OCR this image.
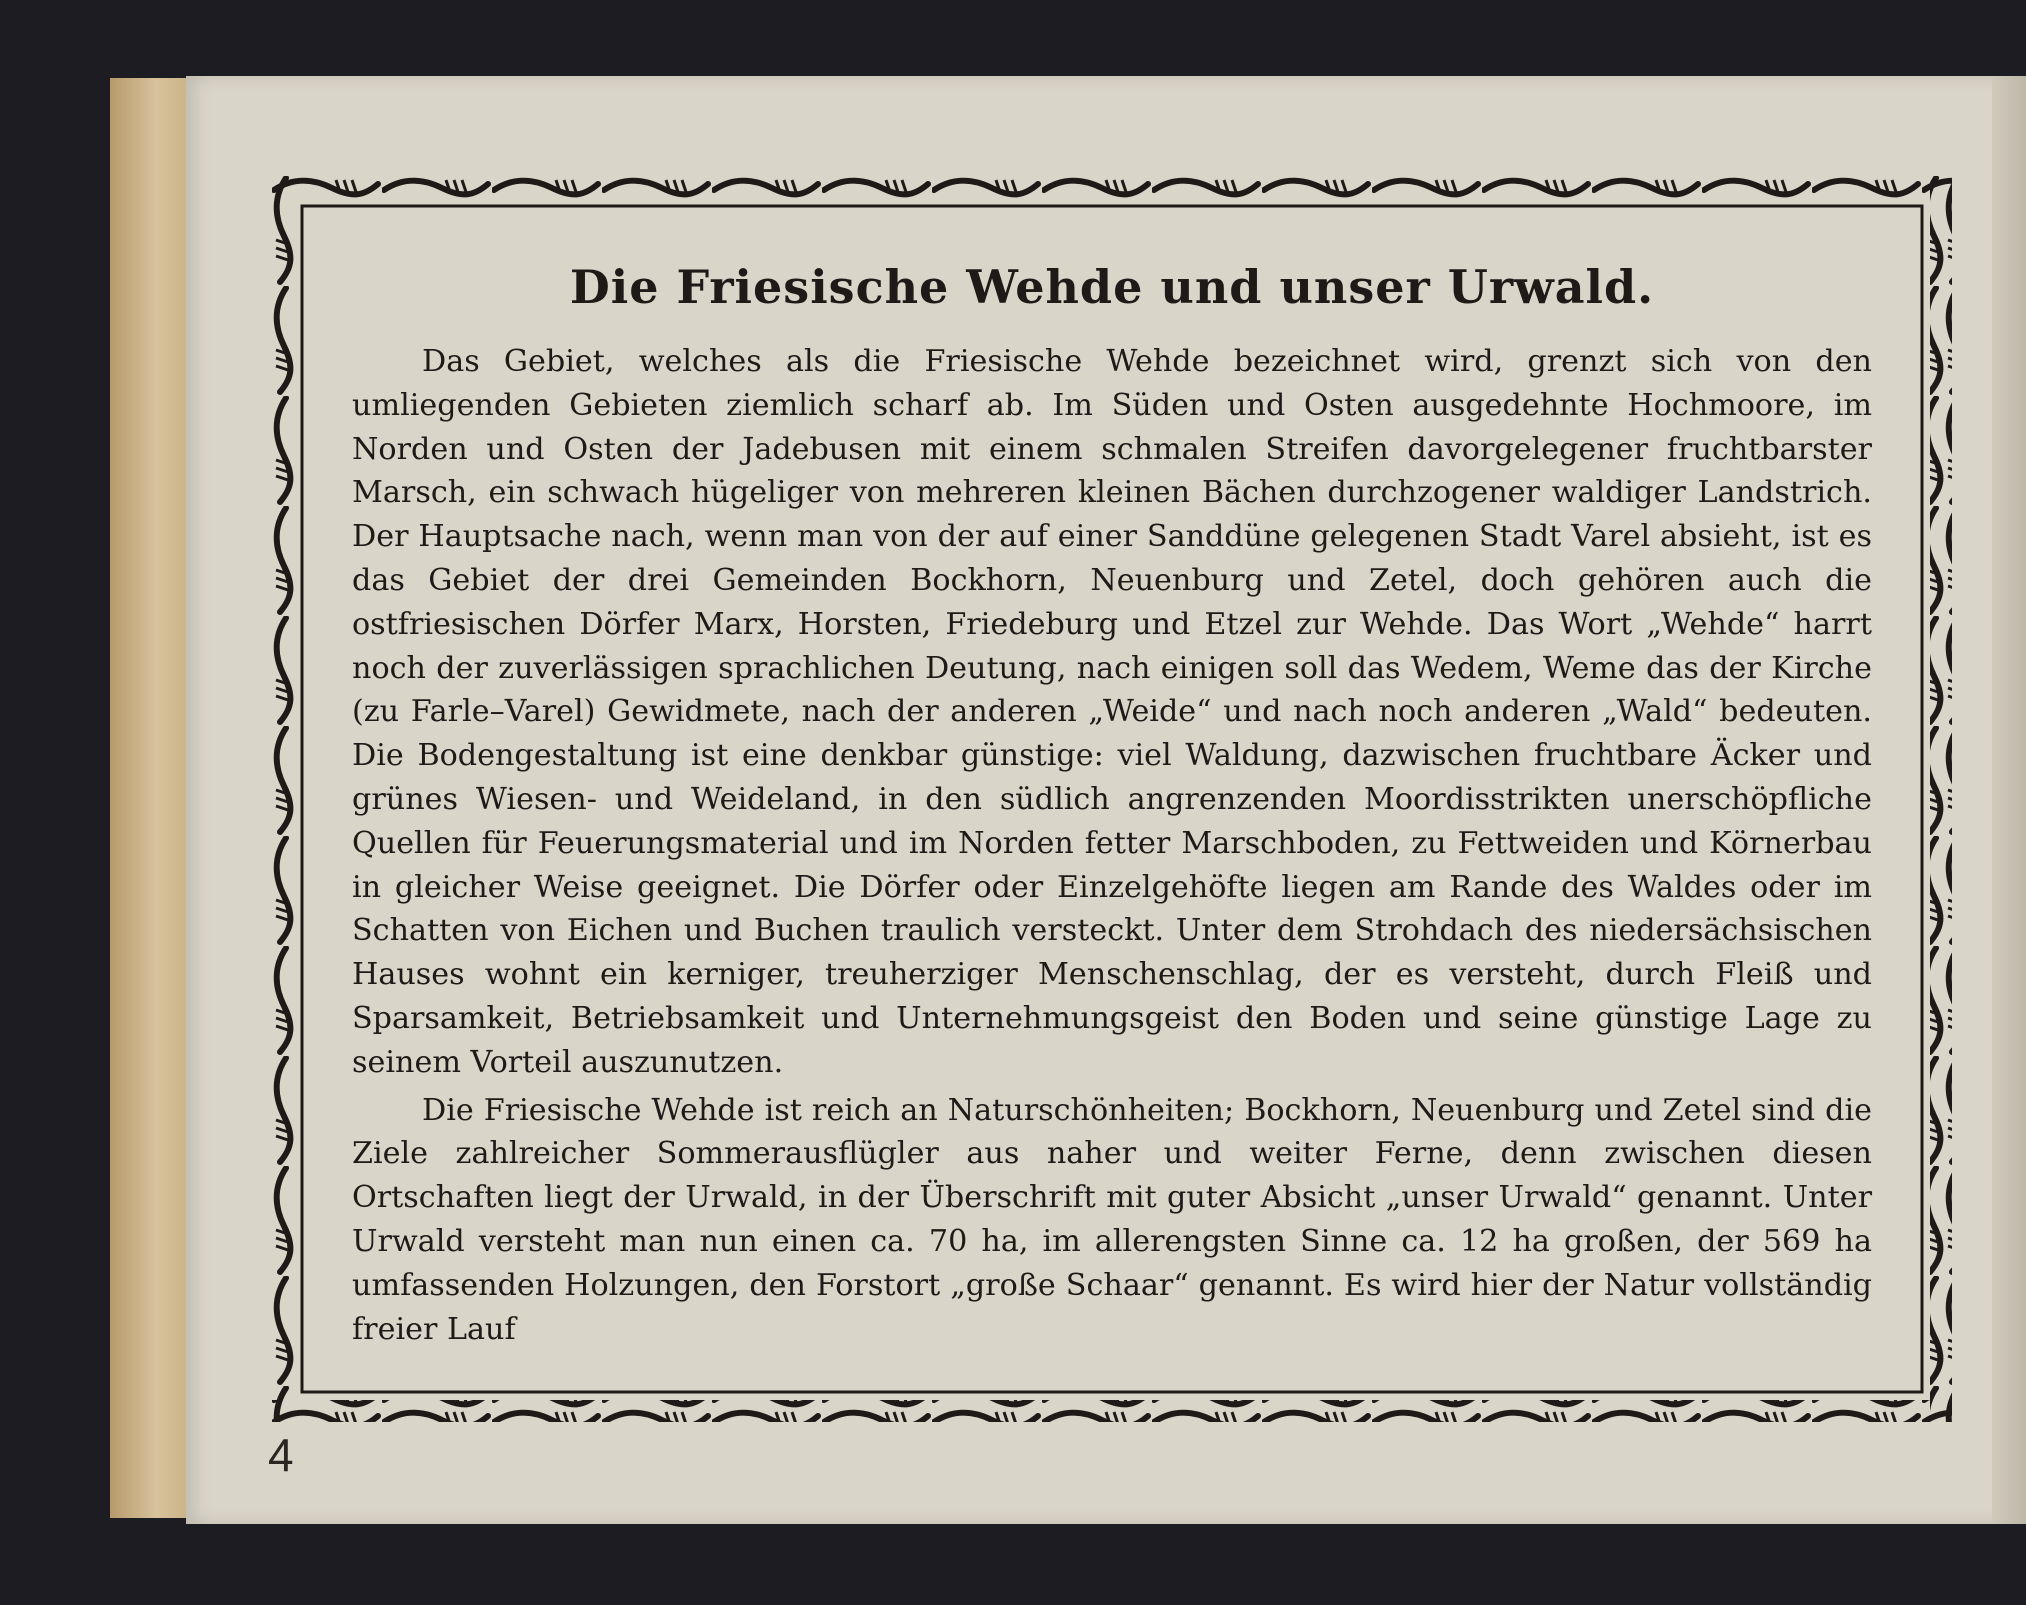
Die Friesische Wehde und unser Urwald.

Das Gebiet, welches als die Friesische Wehde bezeichnet wird, grenzt sich von den umliegenden Gebieten ziemlich scharf ab. Im Süden und Osten ausgedehnte Hochmoore, im Norden und Osten der Jadebusen mit einem schmalen Streifen davorgelegener fruchtbarster Marsch, ein schwach hügeliger von mehreren kleinen Bächen durchzogener waldiger Landstrich. Der Hauptsache nach, wenn man von der auf einer Sanddüne gelegenen Stadt Varel absieht, ist es das Gebiet der drei Gemeinden Bockhorn, Neuenburg und Zetel, doch gehören auch die ostfriesischen Dörfer Marx, Horsten, Friedeburg und Etzel zur Wehde. Das Wort „Wehde“ harrt noch der zuverlässigen sprachlichen Deutung, nach einigen soll das Wedem, Weme das der Kirche (zu Farle–Varel) Gewidmete, nach der anderen „Weide“ und nach noch anderen „Wald“ bedeuten. Die Bodengestaltung ist eine denkbar günstige: viel Waldung, dazwischen fruchtbare Äcker und grünes Wiesen- und Weideland, in den südlich angrenzenden Moordisstrikten unerschöpfliche Quellen für Feuerungsmaterial und im Norden fetter Marschboden, zu Fettweiden und Körnerbau in gleicher Weise geeignet. Die Dörfer oder Einzelgehöfte liegen am Rande des Waldes oder im Schatten von Eichen und Buchen traulich versteckt. Unter dem Strohdach des niedersächsischen Hauses wohnt ein kerniger, treuherziger Menschenschlag, der es versteht, durch Fleiß und Sparsamkeit, Betriebsamkeit und Unternehmungsgeist den Boden und seine günstige Lage zu seinem Vorteil auszunutzen.

Die Friesische Wehde ist reich an Naturschönheiten; Bockhorn, Neuenburg und Zetel sind die Ziele zahlreicher Sommerausflügler aus naher und weiter Ferne, denn zwischen diesen Ortschaften liegt der Urwald, in der Überschrift mit guter Absicht „unser Urwald“ genannt. Unter Urwald versteht man nun einen ca. 70 ha, im allerengsten Sinne ca. 12 ha großen, der 569 ha umfassenden Holzungen, den Forstort „große Schaar“ genannt. Es wird hier der Natur vollständig freier Lauf

4
